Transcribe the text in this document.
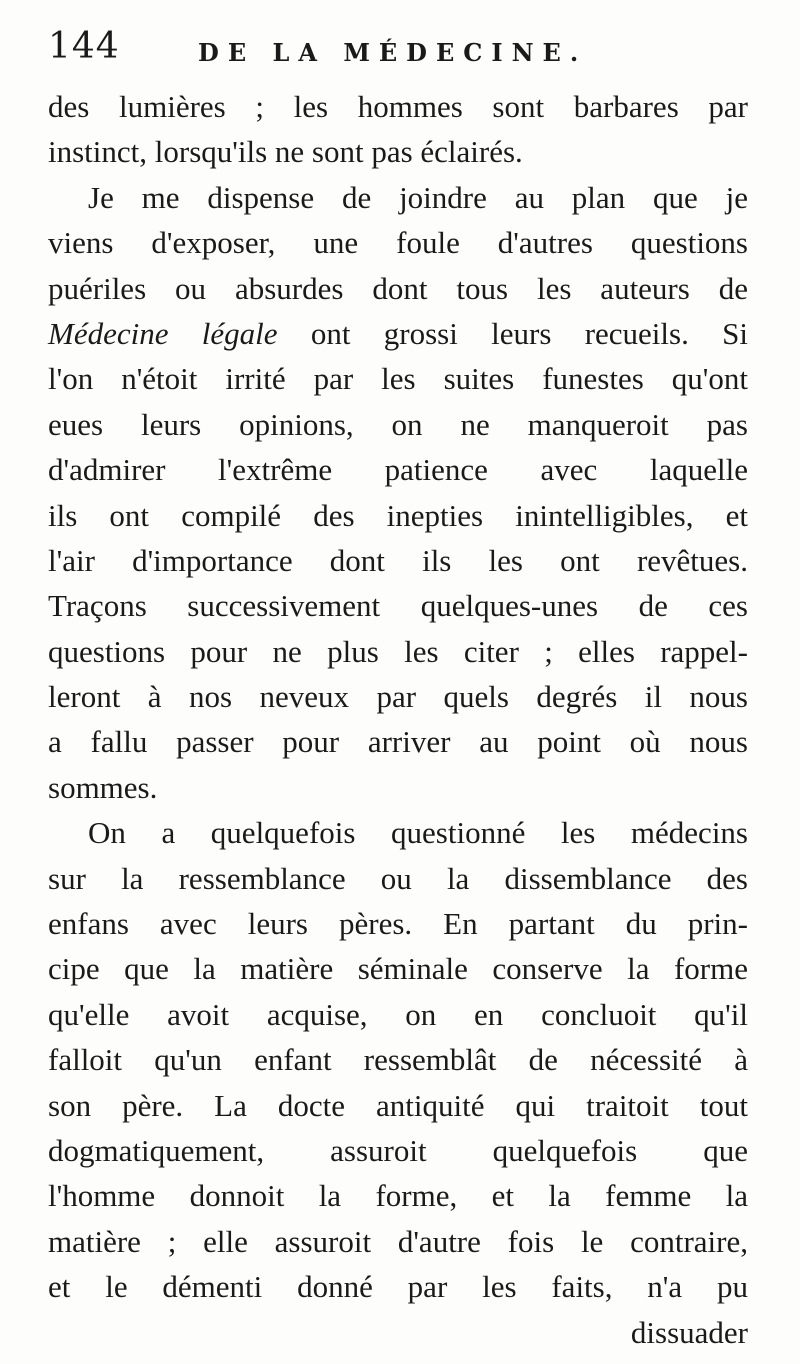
144	DE LA MÉDECINE.
des lumières ; les hommes sont barbares par
instinct, lorsqu'ils ne sont pas éclairés.
Je me dispense de joindre au plan que je
viens d'exposer, une foule d'autres questions
puériles ou absurdes dont tous les auteurs de
Médecine légale ont grossi leurs recueils. Si
l'on n'étoit irrité par les suites funestes qu'ont
eues leurs opinions, on ne manqueroit pas
d'admirer l'extrême patience avec laquelle
ils ont compilé des inepties inintelligibles, et
l'air d'importance dont ils les ont revêtues.
Traçons successivement quelques-unes de ces
questions pour ne plus les citer ; elles rappel-
leront à nos neveux par quels degrés il nous
a fallu passer pour arriver au point où nous
sommes.
On a quelquefois questionné les médecins
sur la ressemblance ou la dissemblance des
enfans avec leurs pères. En partant du prin-
cipe que la matière séminale conserve la forme
qu'elle avoit acquise, on en concluoit qu'il
falloit qu'un enfant ressemblât de nécessité à
son père. La docte antiquité qui traitoit tout
dogmatiquement, assuroit quelquefois que
l'homme donnoit la forme, et la femme la
matière ; elle assuroit d'autre fois le contraire,
et le démenti donné par les faits, n'a pu
dissuader
